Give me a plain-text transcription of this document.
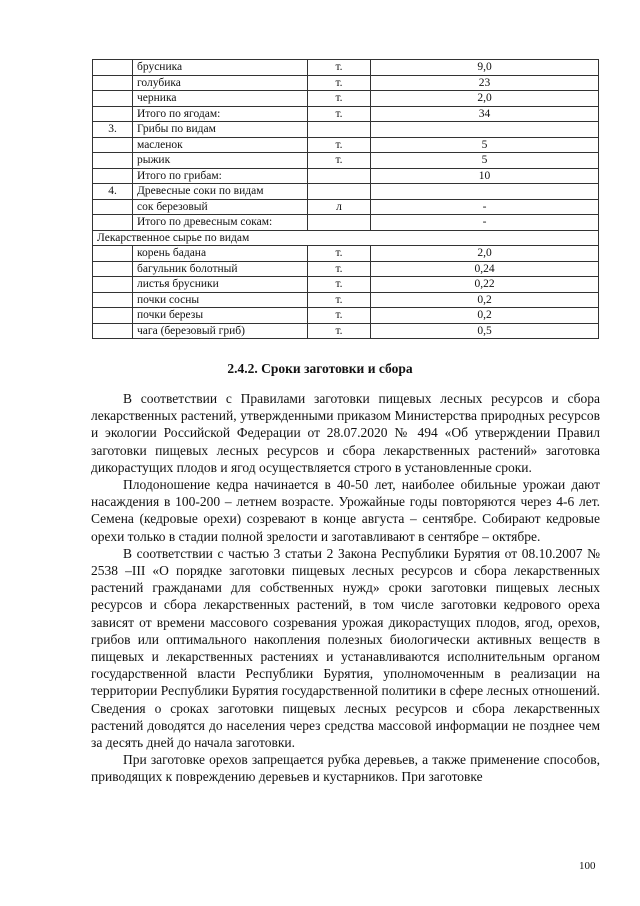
	брусника	т.	9,0
	голубика	т.	23
	черника	т.	2,0
	Итого по ягодам:	т.	34
3.	Грибы по видам		
	масленок	т.	5
	рыжик	т.	5
	Итого по грибам:		10
4.	Древесные соки по видам		
	сок березовый	л	-
	Итого по древесным сокам:		-
Лекарственное сырье по видам			
	корень бадана	т.	2,0
	багульник болотный	т.	0,24
	листья брусники	т.	0,22
	почки сосны	т.	0,2
	почки березы	т.	0,2
	чага (березовый гриб)	т.	0,5
2.4.2. Сроки заготовки и сбора

В соответствии с Правилами заготовки пищевых лесных ресурсов и сбора лекарственных растений, утвержденными приказом Министерства природных ресурсов и экологии Российской Федерации от 28.07.2020 № 494 «Об утверждении Правил заготовки пищевых лесных ресурсов и сбора лекарственных растений» заготовка дикорастущих плодов и ягод осуществляется строго в установленные сроки.

Плодоношение кедра начинается в 40-50 лет, наиболее обильные урожаи дают насаждения в 100-200 – летнем возрасте. Урожайные годы повторяются через 4-6 лет. Семена (кедровые орехи) созревают в конце августа – сентябре. Собирают кедровые орехи только в стадии полной зрелости и заготавливают в сентябре – октябре.

В соответствии с частью 3 статьи 2 Закона Республики Бурятия от 08.10.2007 № 2538 –III «О порядке заготовки пищевых лесных ресурсов и сбора лекарственных растений гражданами для собственных нужд» сроки заготовки пищевых лесных ресурсов и сбора лекарственных растений, в том числе заготовки кедрового ореха зависят от времени массового созревания урожая дикорастущих плодов, ягод, орехов, грибов или оптимального накопления полезных биологически активных веществ в пищевых и лекарственных растениях и устанавливаются исполнительным органом государственной власти Республики Бурятия, уполномоченным в реализации на территории Республики Бурятия государственной политики в сфере лесных отношений. Сведения о сроках заготовки пищевых лесных ресурсов и сбора лекарственных растений доводятся до населения через средства массовой информации не позднее чем за десять дней до начала заготовки.

При заготовке орехов запрещается рубка деревьев, а также применение способов, приводящих к повреждению деревьев и кустарников. При заготовке

100
